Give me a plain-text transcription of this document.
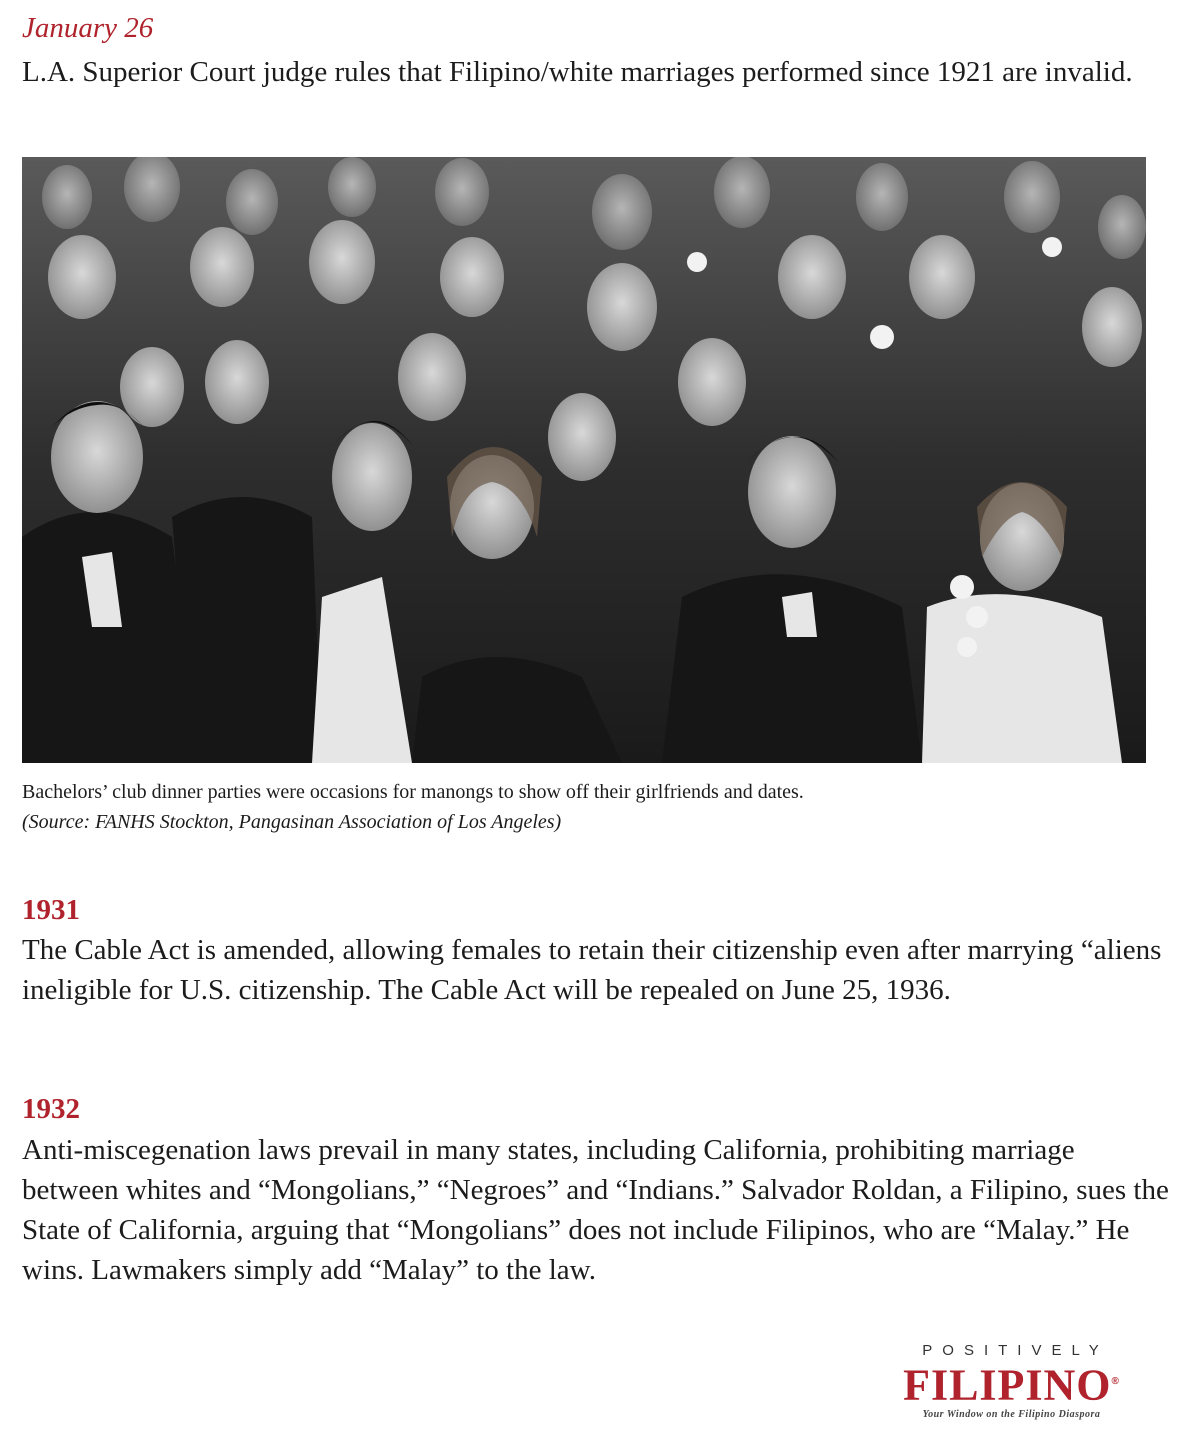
January 26
L.A. Superior Court judge rules that Filipino/white marriages performed since 1921 are invalid.
Bachelors’ club dinner parties were occasions for manongs to show off their girlfriends and dates.
(Source: FANHS Stockton, Pangasinan Association of Los Angeles)
1931
The Cable Act is amended, allowing females to retain their citizenship even after marrying “aliens ineligible for U.S. citizenship. The Cable Act will be repealed on June 25, 1936.
1932
Anti-miscegenation laws prevail in many states, including California, prohibiting marriage between whites and “Mongolians,” “Negroes” and “Indians.” Salvador Roldan, a Filipino, sues the State of California, arguing that “Mongolians” does not include Filipinos, who are “Malay.” He wins. Lawmakers simply add “Malay” to the law.
POSITIVELY
FILIPINO®
Your Window on the Filipino Diaspora
